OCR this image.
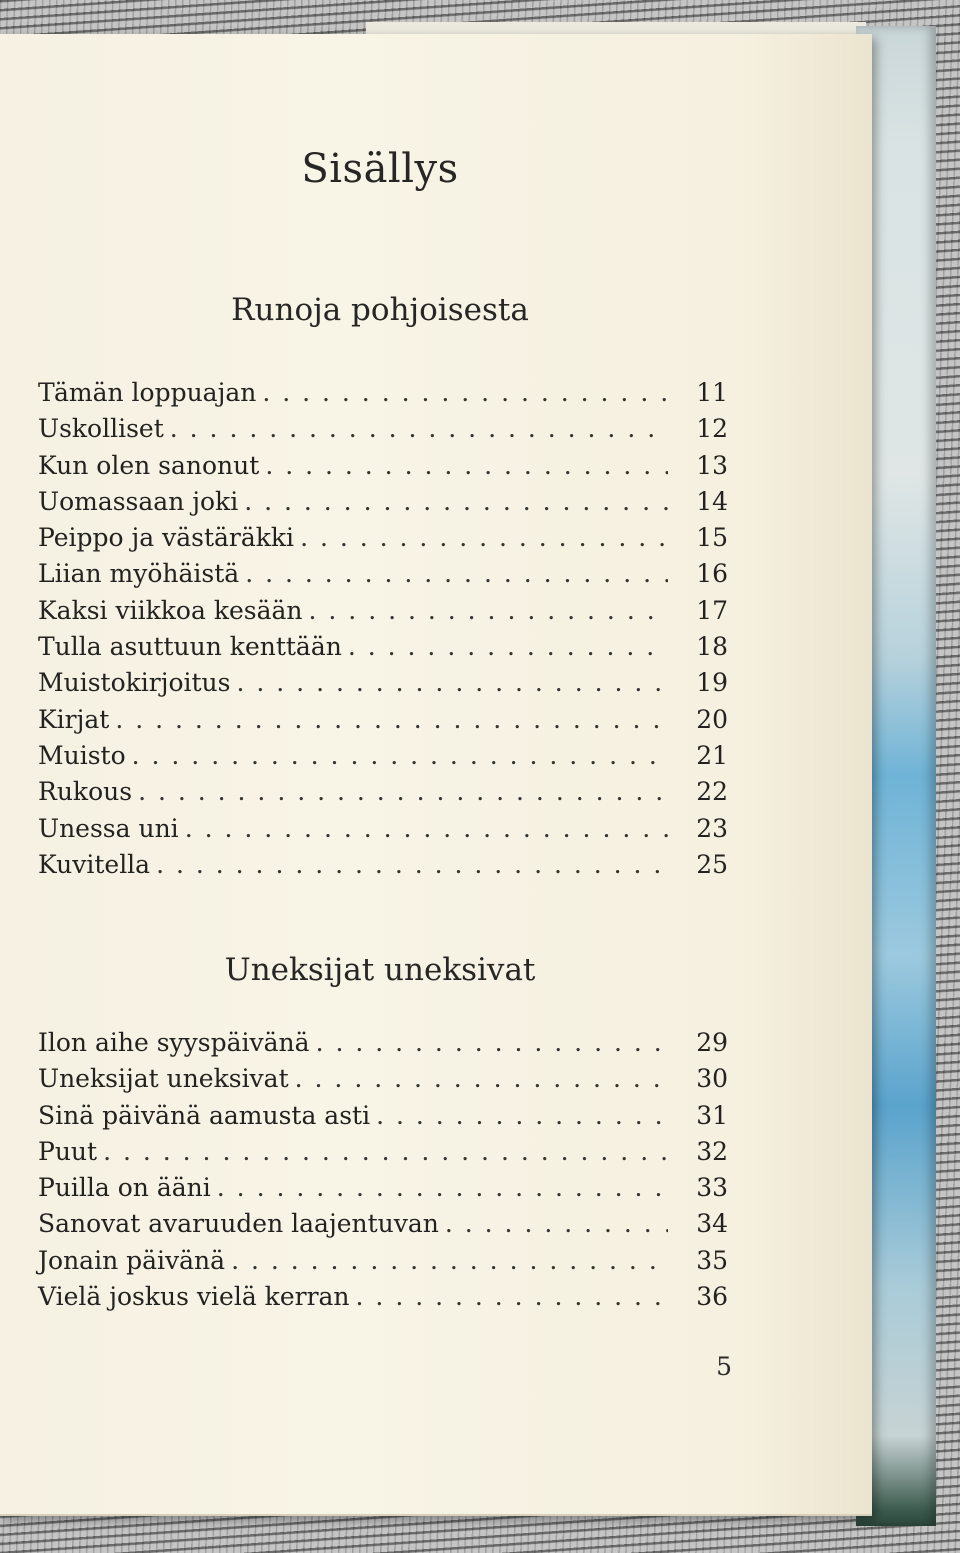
Sisällys
Runoja pohjoisesta
Tämän loppuajan . . .	11
Uskolliset . . .	12
Kun olen sanonut . . .	13
Uomassaan joki . . .	14
Peippo ja västäräkki . . .	15
Liian myöhäistä . . .	16
Kaksi viikkoa kesään . . .	17
Tulla asuttuun kenttään . . .	18
Muistokirjoitus . . .	19
Kirjat . . .	20
Muisto . . .	21
Rukous . . .	22
Unessa uni . . .	23
Kuvitella . . .	25
Uneksijat uneksivat
Ilon aihe syyspäivänä . . .	29
Uneksijat uneksivat . . .	30
Sinä päivänä aamusta asti . . .	31
Puut . . .	32
Puilla on ääni . . .	33
Sanovat avaruuden laajentuvan . . .	34
Jonain päivänä . . .	35
Vielä joskus vielä kerran . . .	36
5
